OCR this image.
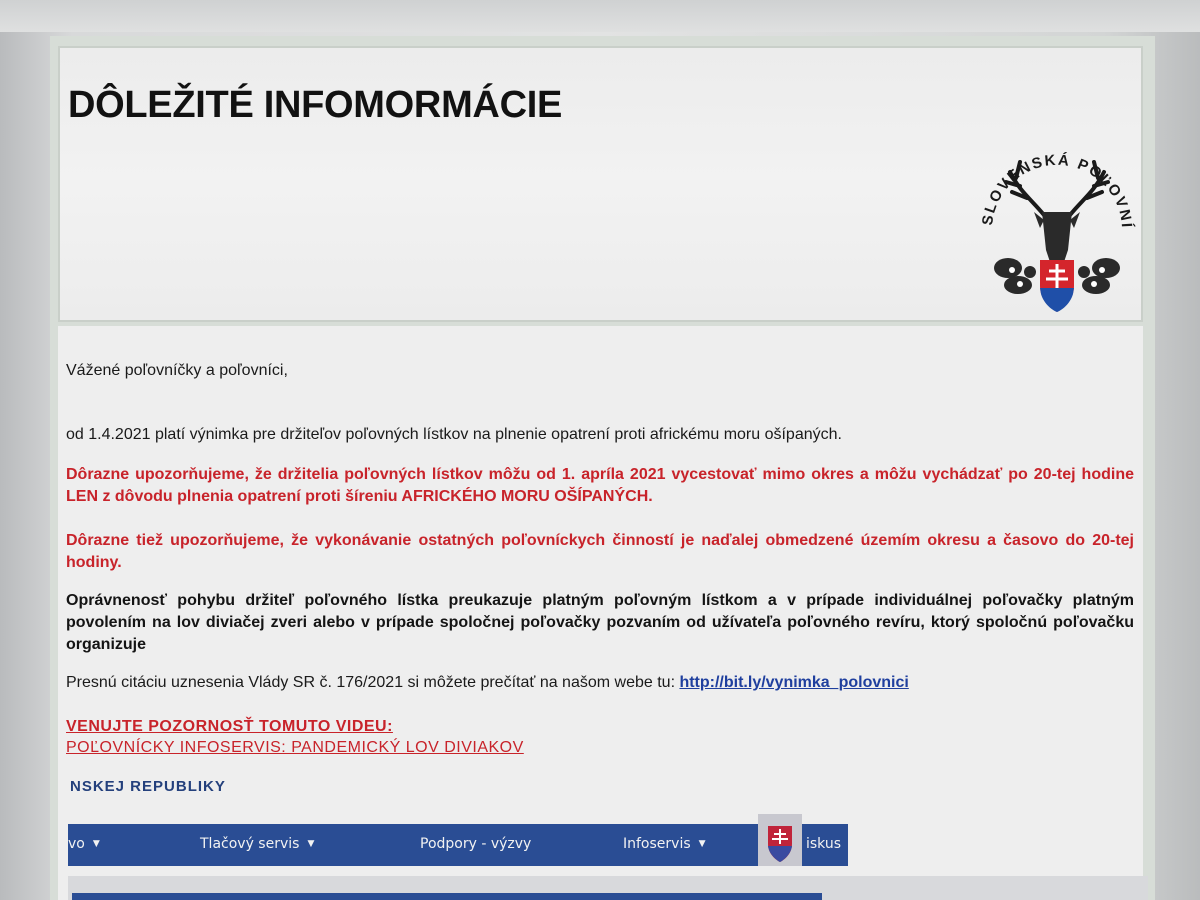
DÔLEŽITÉ INFOMORMÁCIE
SLOVENSKÁ POĽOVNÍ
Vážené poľovníčky a poľovníci,
od 1.4.2021 platí výnimka pre držiteľov poľovných lístkov na plnenie opatrení proti africkému moru ošípaných.
Dôrazne upozorňujeme, že držitelia poľovných lístkov môžu od 1. apríla 2021 vycestovať mimo okres a môžu vychádzať po 20-tej hodine LEN z dôvodu plnenia opatrení proti šíreniu AFRICKÉHO MORU OŠÍPANÝCH.
Dôrazne tiež upozorňujeme, že vykonávanie ostatných poľovníckych činností je naďalej obmedzené územím okresu a časovo do 20-tej hodiny.
Oprávnenosť pohybu držiteľ poľovného lístka preukazuje platným poľovným lístkom a v prípade individuálnej poľovačky platným povolením na lov diviačej zveri alebo v prípade spoločnej poľovačky pozvaním od užívateľa poľovného revíru, ktorý spoločnú poľovačku organizuje
Presnú citáciu uznesenia Vlády SR č. 176/2021 si môžete prečítať na našom webe tu: http://bit.ly/vynimka_polovnici
VENUJTE POZORNOSŤ TOMUTO VIDEU:
POĽOVNÍCKY INFOSERVIS: PANDEMICKÝ LOV DIVIAKOV
NSKEJ REPUBLIKY
vo ▼	Tlačový servis ▼	Podpory - výzvy	Infoservis ▼	iskus
